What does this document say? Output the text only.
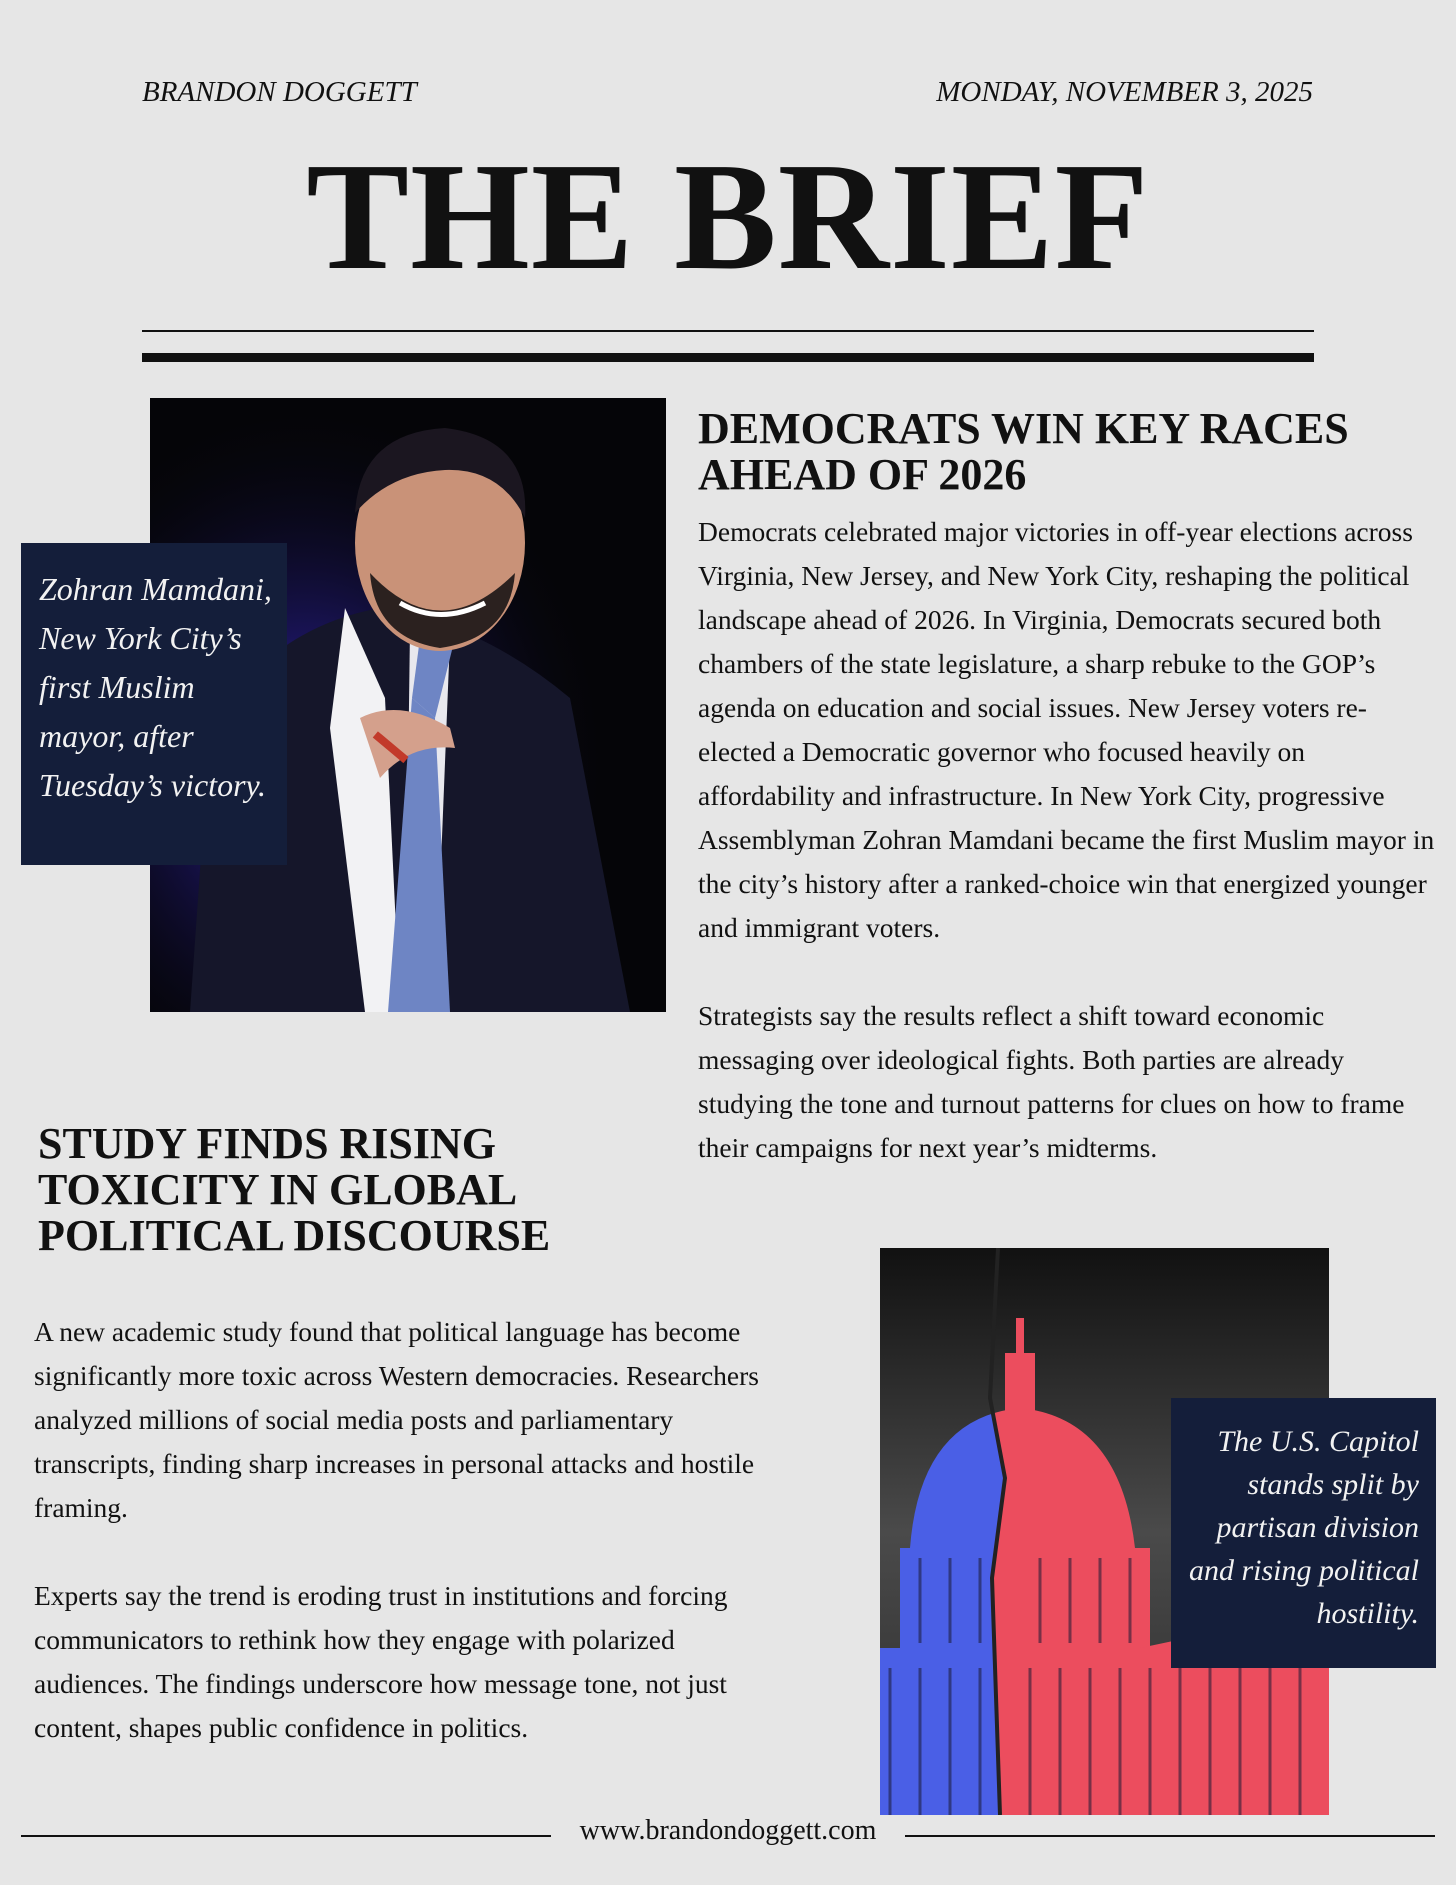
BRANDON DOGGETT	MONDAY, NOVEMBER 3, 2025
THE BRIEF
Zohran Mamdani, New York City’s first Muslim mayor, after Tuesday’s victory.
DEMOCRATS WIN KEY RACES AHEAD OF 2026

Democrats celebrated major victories in off-year elections across Virginia, New Jersey, and New York City, reshaping the political landscape ahead of 2026. In Virginia, Democrats secured both chambers of the state legislature, a sharp rebuke to the GOP’s agenda on education and social issues. New Jersey voters re-elected a Democratic governor who focused heavily on affordability and infrastructure. In New York City, progressive Assemblyman Zohran Mamdani became the first Muslim mayor in the city’s history after a ranked-choice win that energized younger and immigrant voters.

Strategists say the results reflect a shift toward economic messaging over ideological fights. Both parties are already studying the tone and turnout patterns for clues on how to frame their campaigns for next year’s midterms.

STUDY FINDS RISING TOXICITY IN GLOBAL POLITICAL DISCOURSE

A new academic study found that political language has become significantly more toxic across Western democracies. Researchers analyzed millions of social media posts and parliamentary transcripts, finding sharp increases in personal attacks and hostile framing.

Experts say the trend is eroding trust in institutions and forcing communicators to rethink how they engage with polarized audiences. The findings underscore how message tone, not just content, shapes public confidence in politics.

The U.S. Capitol stands split by partisan division and rising political hostility.
www.brandondoggett.com
